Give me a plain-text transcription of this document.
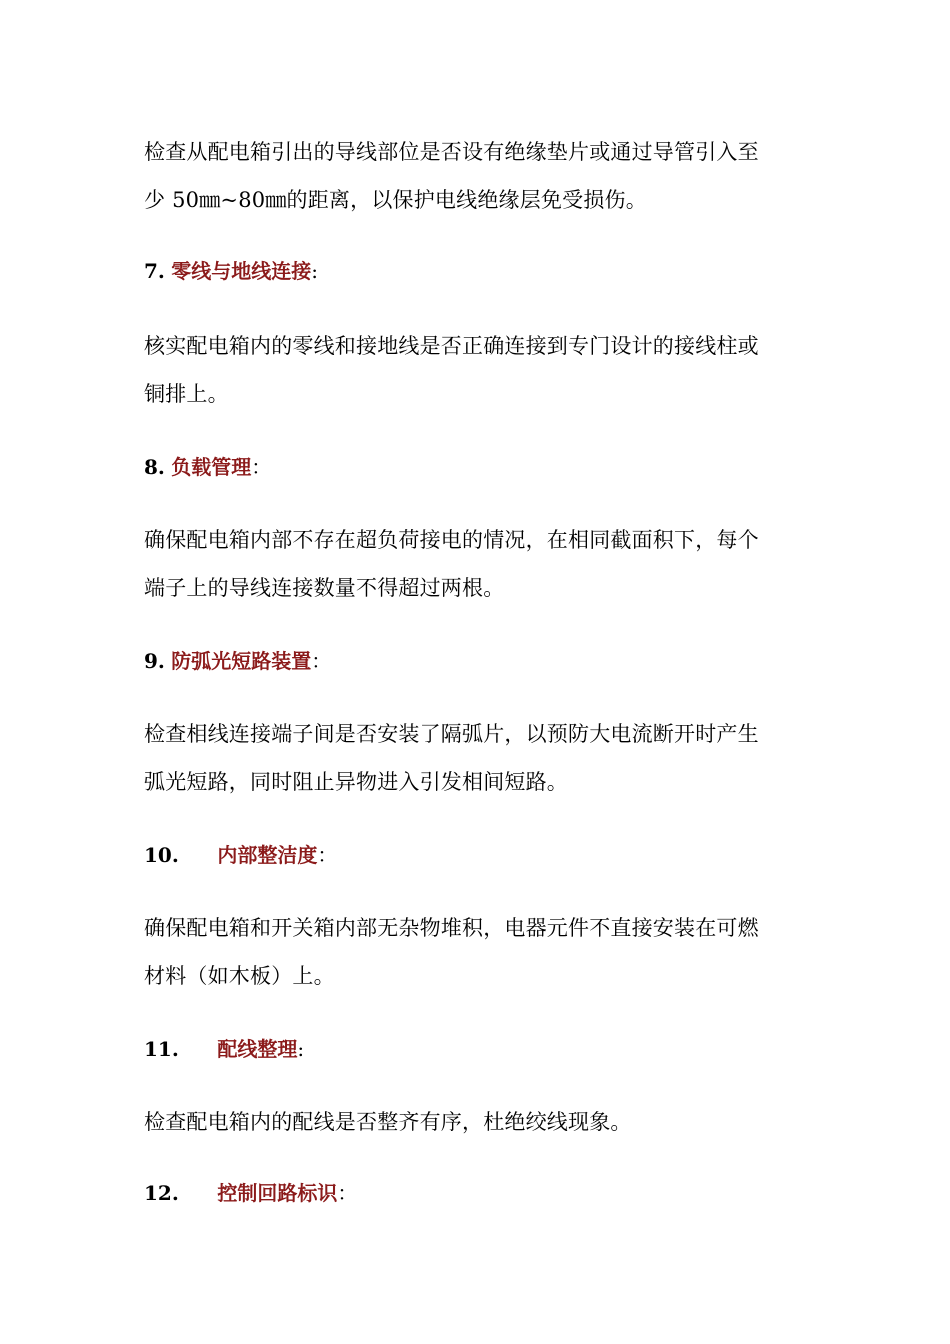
检查从配电箱引出的导线部位是否设有绝缘垫片或通过导管引入至
少 50㎜~80㎜的距离，以保护电线绝缘层免受损伤。
7. 零线与地线连接:
核实配电箱内的零线和接地线是否正确连接到专门设计的接线柱或
铜排上。
8. 负载管理：
确保配电箱内部不存在超负荷接电的情况，在相同截面积下，每个
端子上的导线连接数量不得超过两根。
9. 防弧光短路装置：
检查相线连接端子间是否安装了隔弧片，以预防大电流断开时产生
弧光短路，同时阻止异物进入引发相间短路。
10. 内部整洁度：
确保配电箱和开关箱内部无杂物堆积，电器元件不直接安装在可燃
材料（如木板）上。
11. 配线整理:
检查配电箱内的配线是否整齐有序，杜绝绞线现象。
12. 控制回路标识：
